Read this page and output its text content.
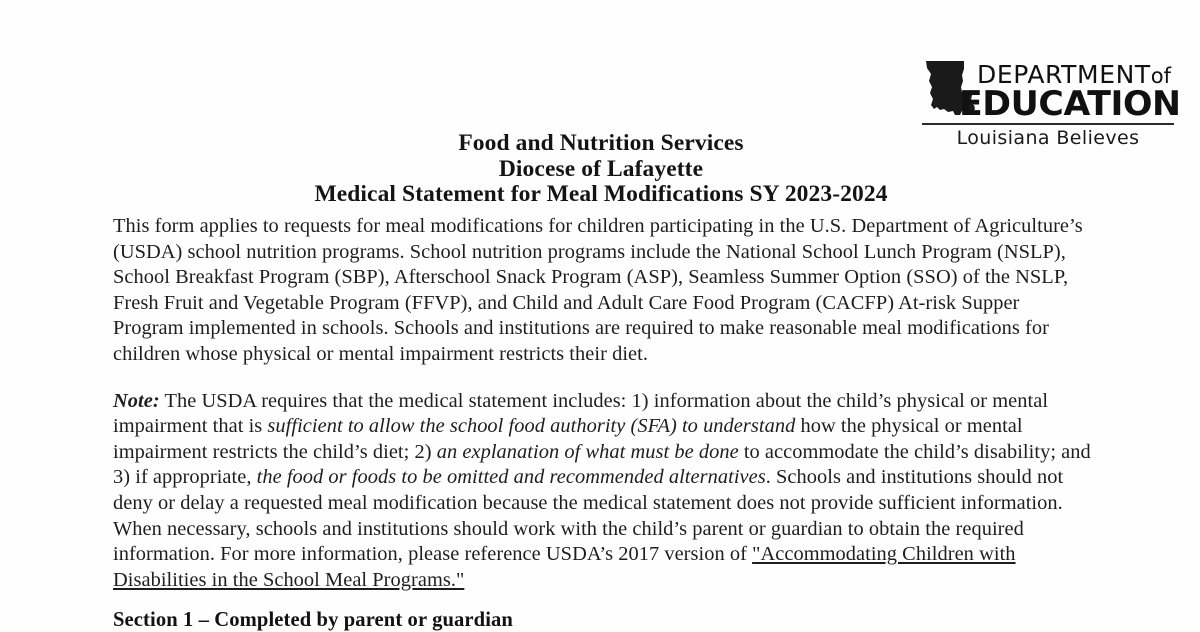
DEPARTMENTof
EDUCATION
Louisiana Believes
Food and Nutrition Services
Diocese of Lafayette
Medical Statement for Meal Modifications SY 2023-2024

This form applies to requests for meal modifications for children participating in the U.S. Department of Agriculture’s (USDA) school nutrition programs. School nutrition programs include the National School Lunch Program (NSLP), School Breakfast Program (SBP), Afterschool Snack Program (ASP), Seamless Summer Option (SSO) of the NSLP, Fresh Fruit and Vegetable Program (FFVP), and Child and Adult Care Food Program (CACFP) At-risk Supper Program implemented in schools. Schools and institutions are required to make reasonable meal modifications for children whose physical or mental impairment restricts their diet.

Note: The USDA requires that the medical statement includes: 1) information about the child’s physical or mental impairment that is sufficient to allow the school food authority (SFA) to understand how the physical or mental impairment restricts the child’s diet; 2) an explanation of what must be done to accommodate the child’s disability; and 3) if appropriate, the food or foods to be omitted and recommended alternatives. Schools and institutions should not deny or delay a requested meal modification because the medical statement does not provide sufficient information. When necessary, schools and institutions should work with the child’s parent or guardian to obtain the required information. For more information, please reference USDA’s 2017 version of "Accommodating Children with Disabilities in the School Meal Programs."

Section 1 – Completed by parent or guardian
